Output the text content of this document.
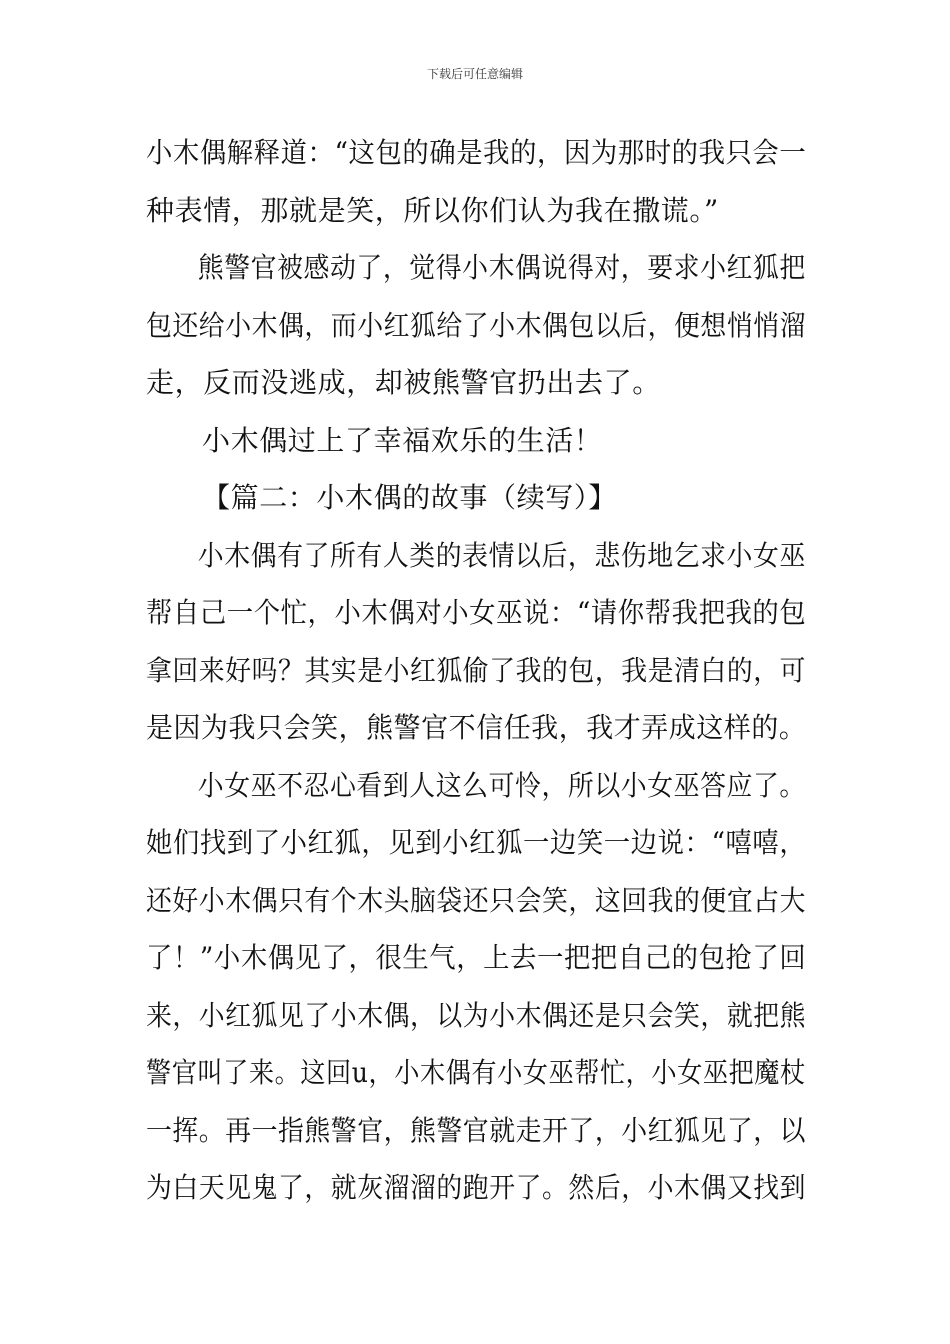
下载后可任意编辑
小木偶解释道：“这包的确是我的，因为那时的我只会一
种表情，那就是笑，所以你们认为我在撒谎。”
熊警官被感动了，觉得小木偶说得对，要求小红狐把
包还给小木偶，而小红狐给了小木偶包以后，便想悄悄溜
走，反而没逃成，却被熊警官扔出去了。
小木偶过上了幸福欢乐的生活！
【篇二：小木偶的故事（续写）】
小木偶有了所有人类的表情以后，悲伤地乞求小女巫
帮自己一个忙，小木偶对小女巫说：“请你帮我把我的包
拿回来好吗？其实是小红狐偷了我的包，我是清白的，可
是因为我只会笑，熊警官不信任我，我才弄成这样的。
小女巫不忍心看到人这么可怜，所以小女巫答应了。
她们找到了小红狐，见到小红狐一边笑一边说：“嘻嘻，
还好小木偶只有个木头脑袋还只会笑，这回我的便宜占大
了！”小木偶见了，很生气，上去一把把自己的包抢了回
来，小红狐见了小木偶，以为小木偶还是只会笑，就把熊
警官叫了来。这回u，小木偶有小女巫帮忙，小女巫把魔杖
一挥。再一指熊警官，熊警官就走开了，小红狐见了，以
为白天见鬼了，就灰溜溜的跑开了。然后，小木偶又找到
